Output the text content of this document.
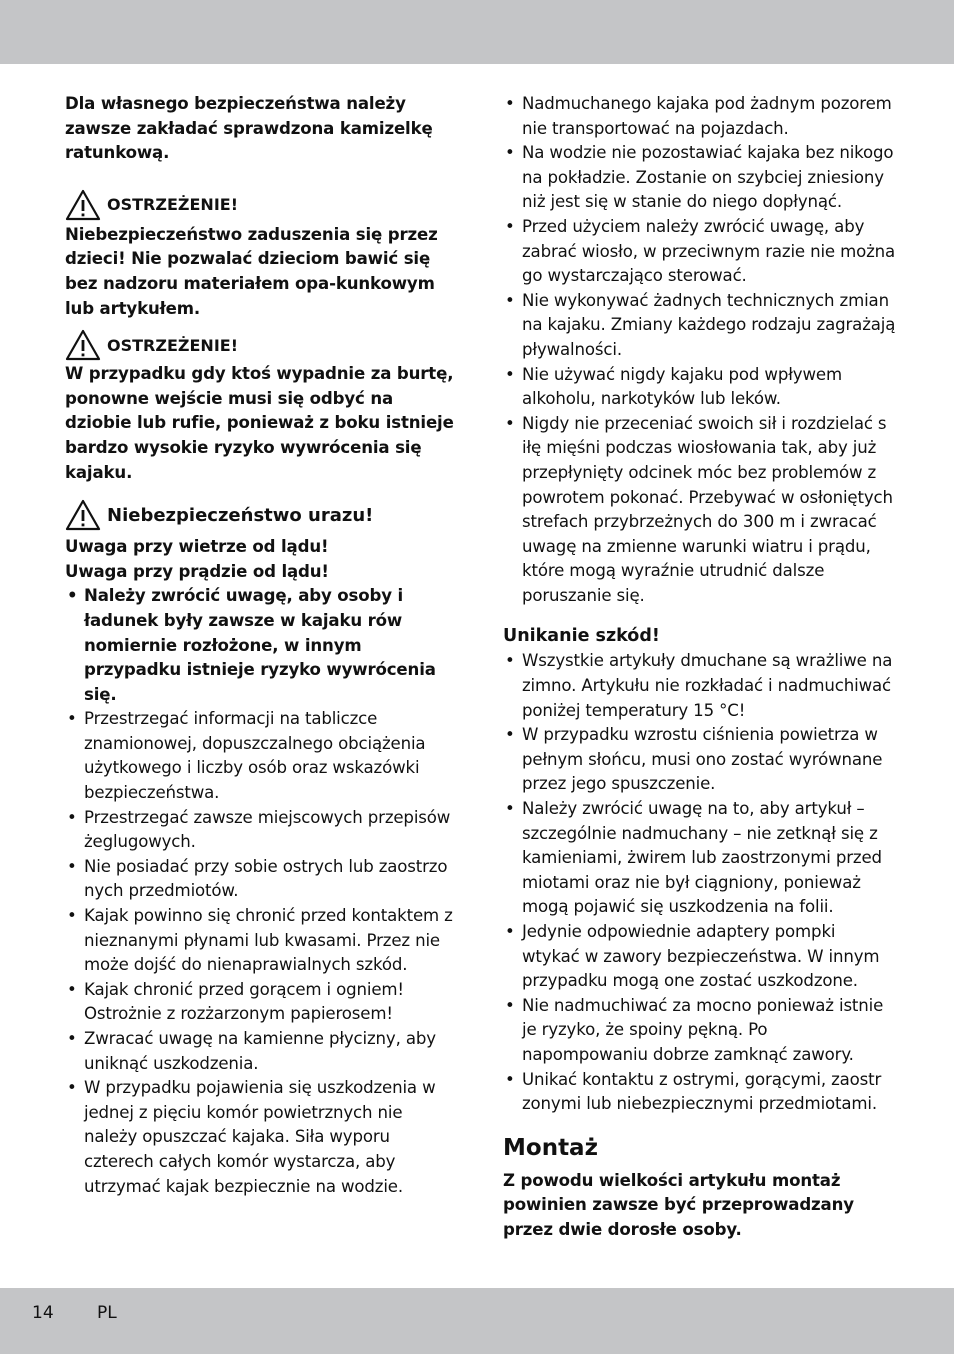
Dla własnego bezpieczeństwa należy zawsze zakładać sprawdzona kamizelkę ratunkową.

OSTRZEŻENIE!

Niebezpieczeństwo zaduszenia się przez dzieci! Nie pozwalać dzieciom bawić się bez nadzoru materiałem opa-kunkowym lub artykułem.

OSTRZEŻENIE!

W przypadku gdy ktoś wypadnie za burtę, ponowne wejście musi się odbyć na dziobie lub rufie, ponieważ z boku istnieje bardzo wysokie ryzyko wywrócenia się kajaku.

Niebezpieczeństwo urazu!

Uwaga przy wietrze od lądu!

Uwaga przy prądzie od lądu!

• Należy zwrócić uwagę, aby osoby i ładunek były zawsze w kajaku rów nomiernie rozłożone, w innym przypadku istnieje ryzyko wywrócenia się.
• Przestrzegać informacji na tabliczce znamionowej, dopuszczalnego obciążenia użytkowego i liczby osób oraz wskazówki bezpieczeństwa.
• Przestrzegać zawsze miejscowych przepisów żeglugowych.
• Nie posiadać przy sobie ostrych lub zaostrzo nych przedmiotów.
• Kajak powinno się chronić przed kontaktem z nieznanymi płynami lub kwasami. Przez nie może dojść do nienaprawialnych szkód.
• Kajak chronić przed gorącem i ogniem! Ostrożnie z rozżarzonym papierosem!
• Zwracać uwagę na kamienne płycizny, aby uniknąć uszkodzenia.
• W przypadku pojawienia się uszkodzenia w jednej z pięciu komór powietrznych nie należy opuszczać kajaka. Siła wyporu czterech całych komór wystarcza, aby utrzymać kajak bezpiecznie na wodzie.
• Nadmuchanego kajaka pod żadnym pozorem nie transportować na pojazdach.
• Na wodzie nie pozostawiać kajaka bez nikogo na pokładzie. Zostanie on szybciej zniesiony niż jest się w stanie do niego dopłynąć.
• Przed użyciem należy zwrócić uwagę, aby zabrać wiosło, w przeciwnym razie nie można go wystarczająco sterować.
• Nie wykonywać żadnych technicznych zmian na kajaku. Zmiany każdego rodzaju zagrażają pływalności.
• Nie używać nigdy kajaku pod wpływem alkoholu, narkotyków lub leków.
• Nigdy nie przeceniać swoich sił i rozdzielać s iłę mięśni podczas wiosłowania tak, aby już przepłynięty odcinek móc bez problemów z powrotem pokonać. Przebywać w osłoniętych strefach przybrzeżnych do 300 m i zwracać uwagę na zmienne warunki wiatru i prądu, które mogą wyraźnie utrudnić dalsze poruszanie się.

Unikanie szkód!

• Wszystkie artykuły dmuchane są wrażliwe na zimno. Artykułu nie rozkładać i nadmuchiwać poniżej temperatury 15 °C!
• W przypadku wzrostu ciśnienia powietrza w pełnym słońcu, musi ono zostać wyrównane przez jego spuszczenie.
• Należy zwrócić uwagę na to, aby artykuł – szczególnie nadmuchany – nie zetknął się z kamieniami, żwirem lub zaostrzonymi przed miotami oraz nie był ciągniony, ponieważ mogą pojawić się uszkodzenia na folii.
• Jedynie odpowiednie adaptery pompki wtykać w zawory bezpieczeństwa. W innym przypadku mogą one zostać uszkodzone.
• Nie nadmuchiwać za mocno ponieważ istnie je ryzyko, że spoiny pękną. Po napompowaniu dobrze zamknąć zawory.
• Unikać kontaktu z ostrymi, gorącymi, zaostr zonymi lub niebezpiecznymi przedmiotami.

Montaż

Z powodu wielkości artykułu montaż powinien zawsze być przeprowadzany przez dwie dorosłe osoby.

14	PL
